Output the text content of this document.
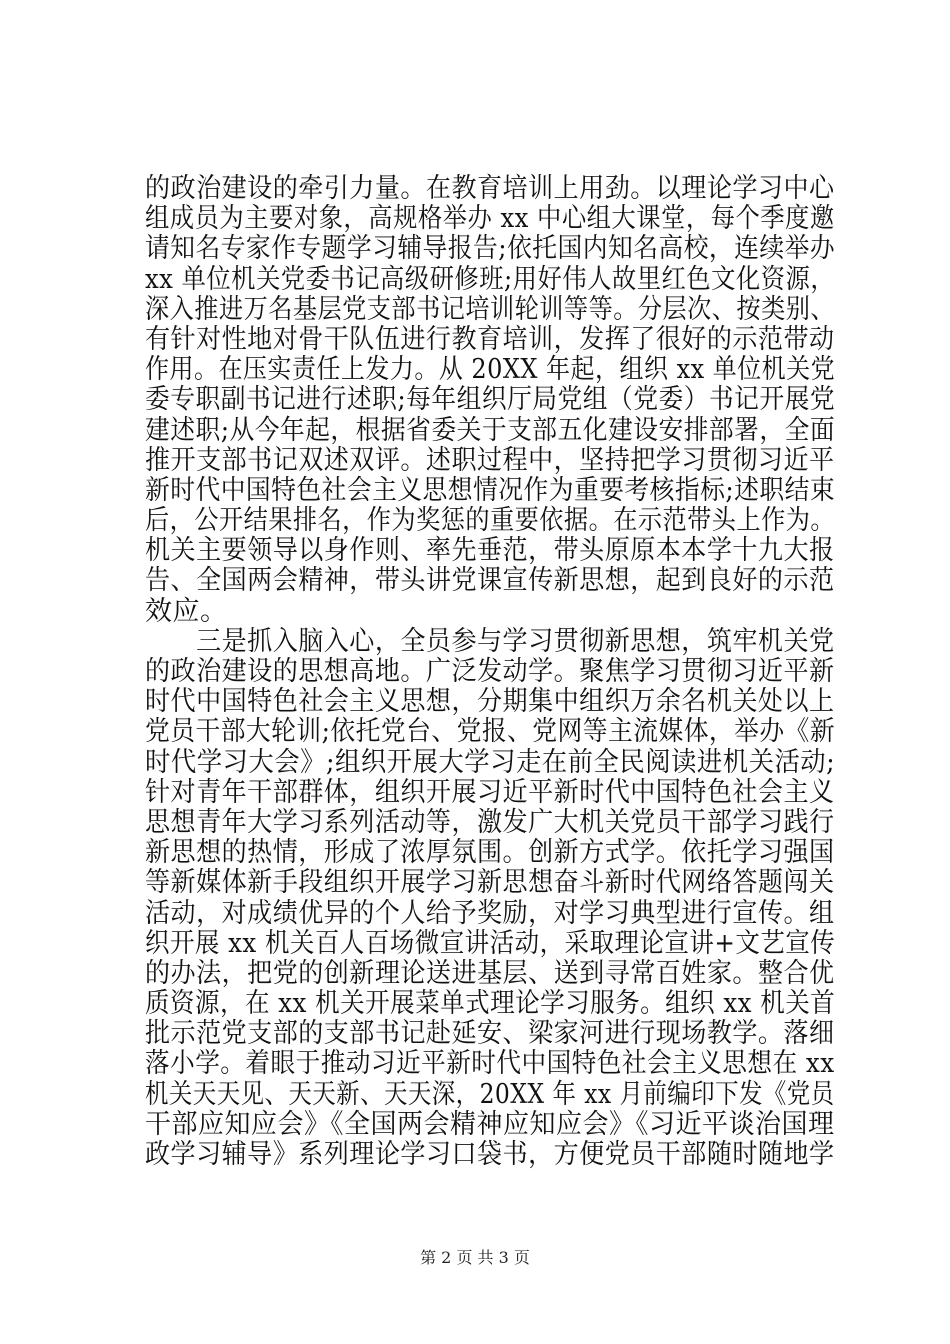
的政治建设的牵引力量。在教育培训上用劲。以理论学习中心
组成员为主要对象，高规格举办 xx 中心组大课堂，每个季度邀
请知名专家作专题学习辅导报告;依托国内知名高校，连续举办
xx 单位机关党委书记高级研修班;用好伟人故里红色文化资源，
深入推进万名基层党支部书记培训轮训等等。分层次、按类别、
有针对性地对骨干队伍进行教育培训，发挥了很好的示范带动
作用。在压实责任上发力。从 20XX 年起，组织 xx 单位机关党
委专职副书记进行述职;每年组织厅局党组（党委）书记开展党
建述职;从今年起，根据省委关于支部五化建设安排部署，全面
推开支部书记双述双评。述职过程中，坚持把学习贯彻习近平
新时代中国特色社会主义思想情况作为重要考核指标;述职结束
后，公开结果排名，作为奖惩的重要依据。在示范带头上作为。
机关主要领导以身作则、率先垂范，带头原原本本学十九大报
告、全国两会精神，带头讲党课宣传新思想，起到良好的示范
效应。
　　三是抓入脑入心，全员参与学习贯彻新思想，筑牢机关党
的政治建设的思想高地。广泛发动学。聚焦学习贯彻习近平新
时代中国特色社会主义思想，分期集中组织万余名机关处以上
党员干部大轮训;依托党台、党报、党网等主流媒体，举办《新
时代学习大会》;组织开展大学习走在前全民阅读进机关活动;
针对青年干部群体，组织开展习近平新时代中国特色社会主义
思想青年大学习系列活动等，激发广大机关党员干部学习践行
新思想的热情，形成了浓厚氛围。创新方式学。依托学习强国
等新媒体新手段组织开展学习新思想奋斗新时代网络答题闯关
活动，对成绩优异的个人给予奖励，对学习典型进行宣传。组
织开展 xx 机关百人百场微宣讲活动，采取理论宣讲+文艺宣传
的办法，把党的创新理论送进基层、送到寻常百姓家。整合优
质资源，在 xx 机关开展菜单式理论学习服务。组织 xx 机关首
批示范党支部的支部书记赴延安、梁家河进行现场教学。落细
落小学。着眼于推动习近平新时代中国特色社会主义思想在 xx
机关天天见、天天新、天天深，20XX 年 xx 月前编印下发《党员
干部应知应会》《全国两会精神应知应会》《习近平谈治国理
政学习辅导》系列理论学习口袋书，方便党员干部随时随地学
第 2 页 共 3 页
